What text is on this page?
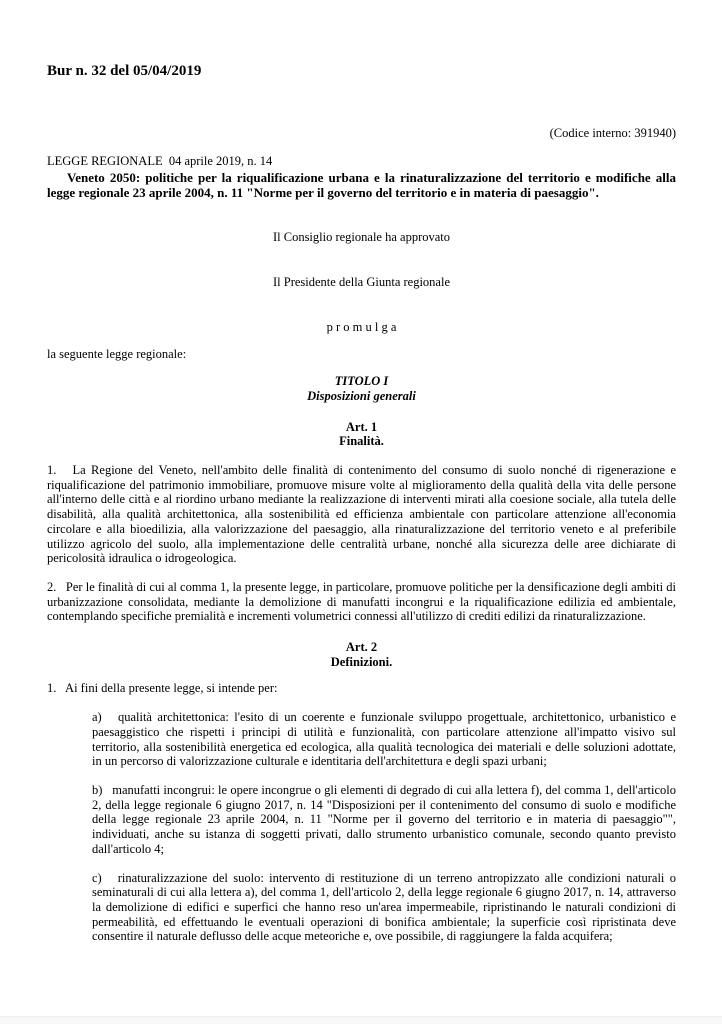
Bur n. 32 del 05/04/2019
(Codice interno: 391940)
LEGGE REGIONALE  04 aprile 2019, n. 14
Veneto 2050: politiche per la riqualificazione urbana e la rinaturalizzazione del territorio e modifiche alla legge regionale 23 aprile 2004, n. 11 "Norme per il governo del territorio e in materia di paesaggio".
Il Consiglio regionale ha approvato
Il Presidente della Giunta regionale
p r o m u l g a
la seguente legge regionale:
TITOLO I
Disposizioni generali
Art. 1
Finalità.
1.   La Regione del Veneto, nell'ambito delle finalità di contenimento del consumo di suolo nonché di rigenerazione e riqualificazione del patrimonio immobiliare, promuove misure volte al miglioramento della qualità della vita delle persone all'interno delle città e al riordino urbano mediante la realizzazione di interventi mirati alla coesione sociale, alla tutela delle disabilità, alla qualità architettonica, alla sostenibilità ed efficienza ambientale con particolare attenzione all'economia circolare e alla bioedilizia, alla valorizzazione del paesaggio, alla rinaturalizzazione del territorio veneto e al preferibile utilizzo agricolo del suolo, alla implementazione delle centralità urbane, nonché alla sicurezza delle aree dichiarate di pericolosità idraulica o idrogeologica.
2.   Per le finalità di cui al comma 1, la presente legge, in particolare, promuove politiche per la densificazione degli ambiti di urbanizzazione consolidata, mediante la demolizione di manufatti incongrui e la riqualificazione edilizia ed ambientale, contemplando specifiche premialità e incrementi volumetrici connessi all'utilizzo di crediti edilizi da rinaturalizzazione.
Art. 2
Definizioni.
1.   Ai fini della presente legge, si intende per:
a)   qualità architettonica: l'esito di un coerente e funzionale sviluppo progettuale, architettonico, urbanistico e paesaggistico che rispetti i principi di utilità e funzionalità, con particolare attenzione all'impatto visivo sul territorio, alla sostenibilità energetica ed ecologica, alla qualità tecnologica dei materiali e delle soluzioni adottate, in un percorso di valorizzazione culturale e identitaria dell'architettura e degli spazi urbani;
b)   manufatti incongrui: le opere incongrue o gli elementi di degrado di cui alla lettera f), del comma 1, dell'articolo 2, della legge regionale 6 giugno 2017, n. 14 "Disposizioni per il contenimento del consumo di suolo e modifiche della legge regionale 23 aprile 2004, n. 11 "Norme per il governo del territorio e in materia di paesaggio"", individuati, anche su istanza di soggetti privati, dallo strumento urbanistico comunale, secondo quanto previsto dall'articolo 4;
c)   rinaturalizzazione del suolo: intervento di restituzione di un terreno antropizzato alle condizioni naturali o seminaturali di cui alla lettera a), del comma 1, dell'articolo 2, della legge regionale 6 giugno 2017, n. 14, attraverso la demolizione di edifici e superfici che hanno reso un'area impermeabile, ripristinando le naturali condizioni di permeabilità, ed effettuando le eventuali operazioni di bonifica ambientale; la superficie così ripristinata deve consentire il naturale deflusso delle acque meteoriche e, ove possibile, di raggiungere la falda acquifera;
